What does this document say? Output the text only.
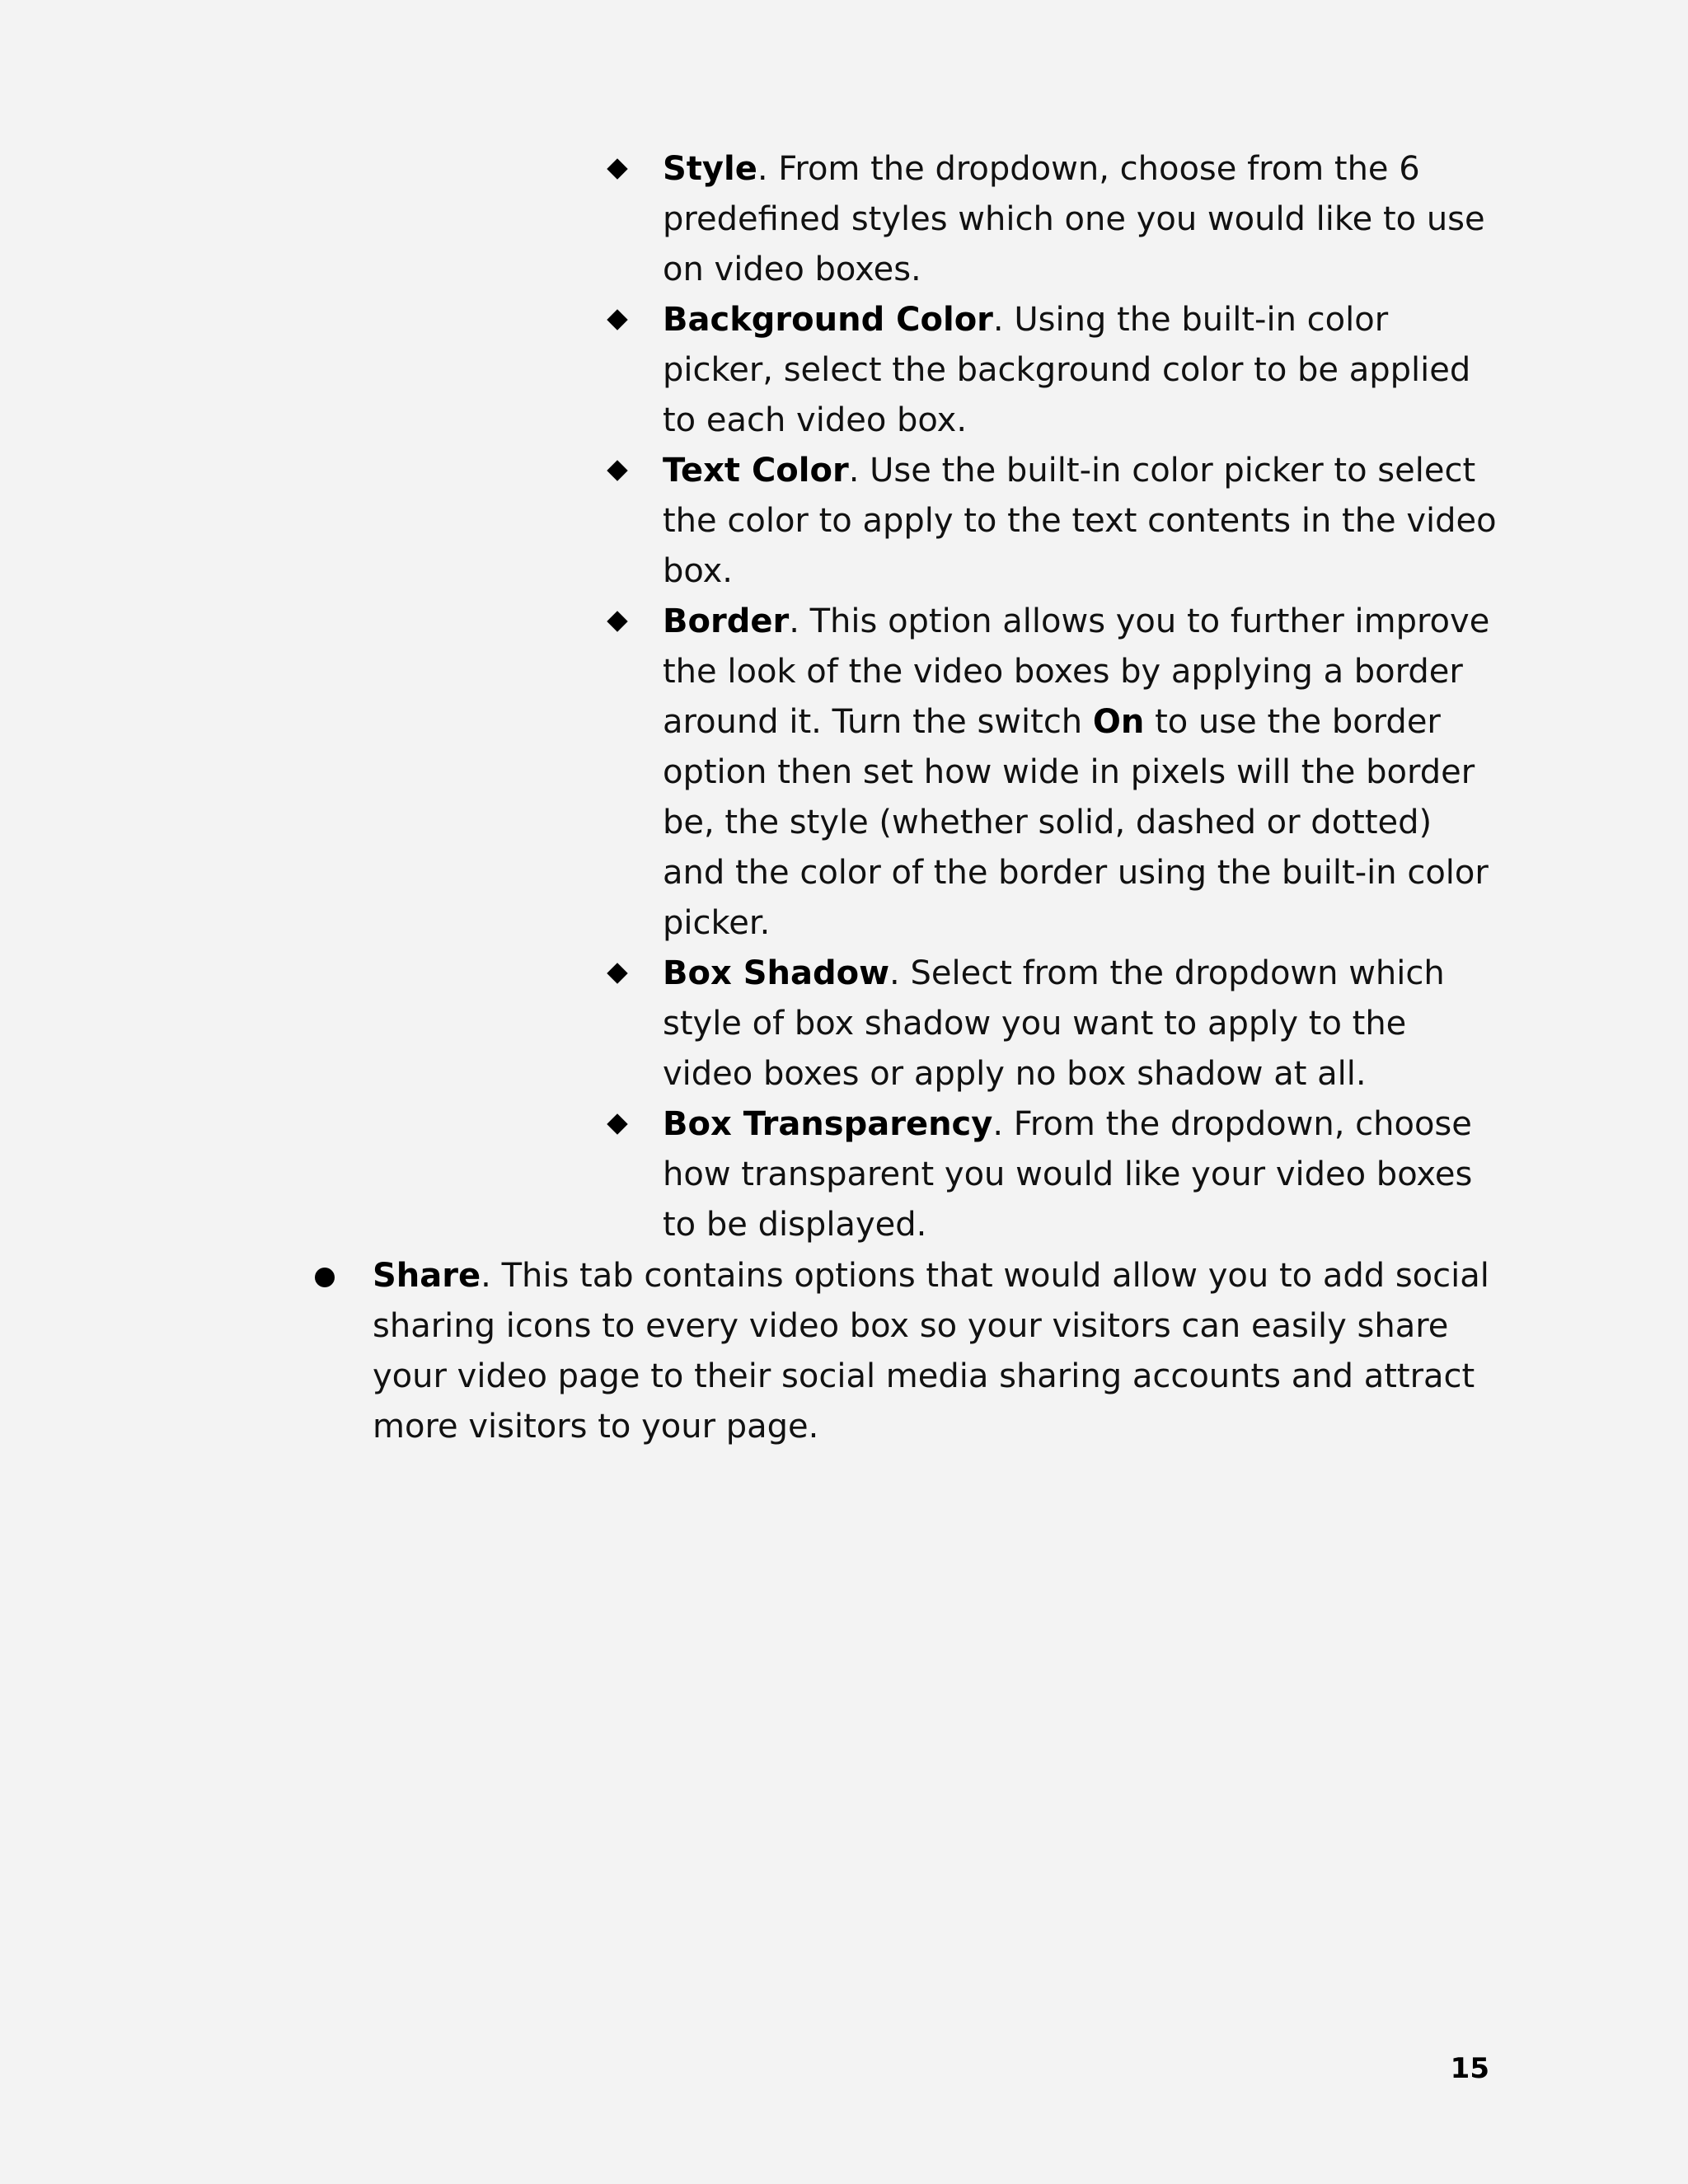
Style. From the dropdown, choose from the 6 predefined styles which one you would like to use on video boxes.
Background Color. Using the built-in color picker, select the background color to be applied to each video box.
Text Color. Use the built-in color picker to select the color to apply to the text contents in the video box.
Border. This option allows you to further improve the look of the video boxes by applying a border around it. Turn the switch On to use the border option then set how wide in pixels will the border be, the style (whether solid, dashed or dotted) and the color of the border using the built-in color picker.
Box Shadow. Select from the dropdown which style of box shadow you want to apply to the video boxes or apply no box shadow at all.
Box Transparency. From the dropdown, choose how transparent you would like your video boxes to be displayed.
Share. This tab contains options that would allow you to add social sharing icons to every video box so your visitors can easily share your video page to their social media sharing accounts and attract more visitors to your page.
15
